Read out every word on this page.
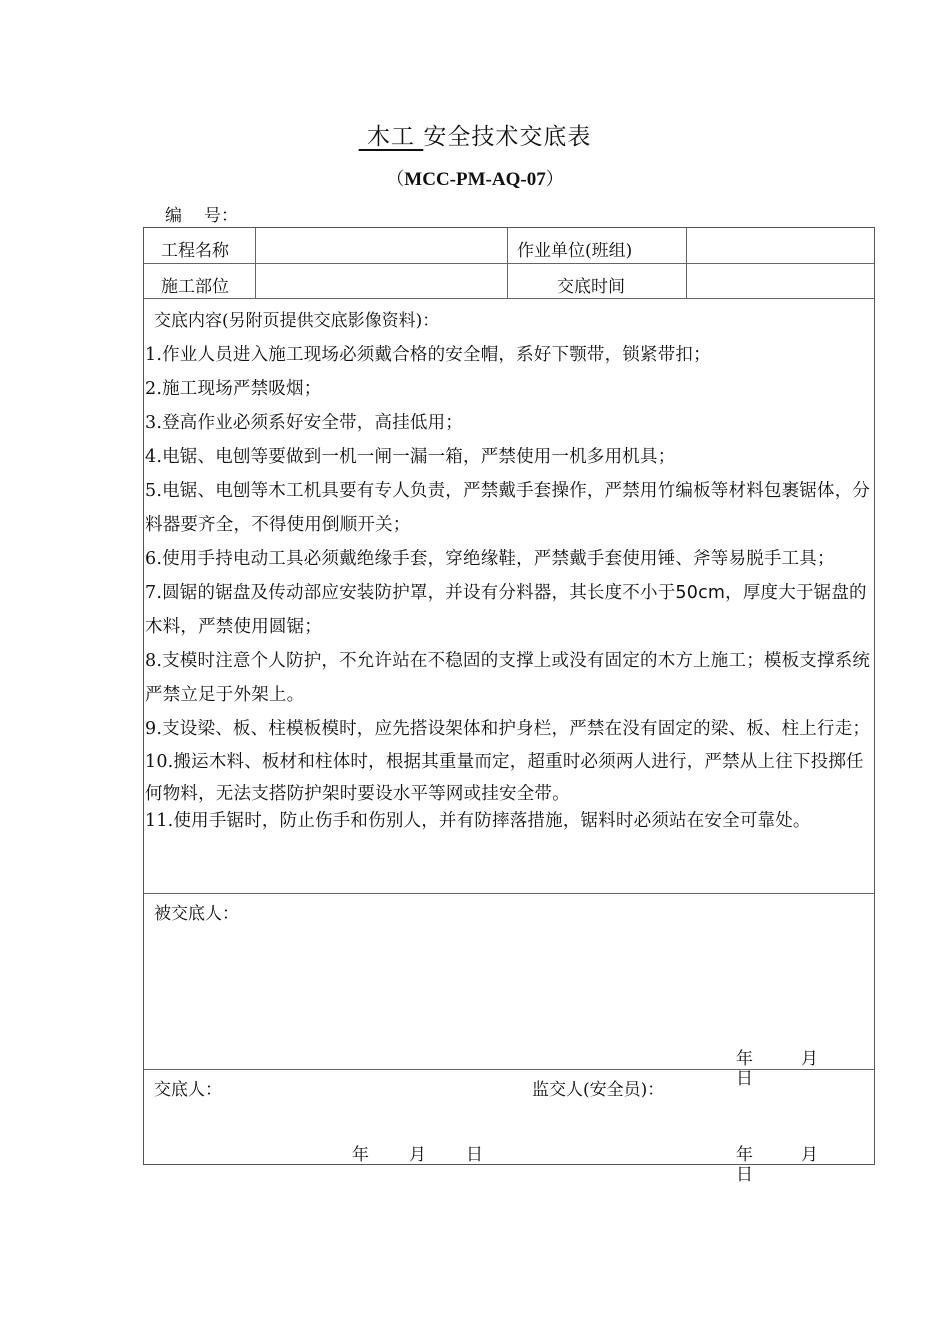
木工 安全技术交底表
（MCC-PM-AQ-07）
编 号：
工程名称	作业单位(班组)
施工部位	交底时间
交底内容(另附页提供交底影像资料)：
1.作业人员进入施工现场必须戴合格的安全帽，系好下颚带，锁紧带扣；
2.施工现场严禁吸烟；
3.登高作业必须系好安全带，高挂低用；
4.电锯、电刨等要做到一机一闸一漏一箱，严禁使用一机多用机具；
5.电锯、电刨等木工机具要有专人负责，严禁戴手套操作，严禁用竹编板等材料包裹锯体，分料器要齐全，不得使用倒顺开关；
6.使用手持电动工具必须戴绝缘手套，穿绝缘鞋，严禁戴手套使用锤、斧等易脱手工具；
7.圆锯的锯盘及传动部应安装防护罩，并设有分料器，其长度不小于50cm，厚度大于锯盘的木料，严禁使用圆锯；
8.支模时注意个人防护，不允许站在不稳固的支撑上或没有固定的木方上施工；模板支撑系统严禁立足于外架上。
9.支设梁、板、柱模板模时，应先搭设架体和护身栏，严禁在没有固定的梁、板、柱上行走；
10.搬运木料、板材和柱体时，根据其重量而定，超重时必须两人进行，严禁从上往下投掷任何物料，无法支搭防护架时要设水平等网或挂安全带。
11.使用手锯时，防止伤手和伤别人，并有防摔落措施，锯料时必须站在安全可靠处。
被交底人：
年	月日
交底人：	监交人(安全员)：
年 月 日	年	月日
